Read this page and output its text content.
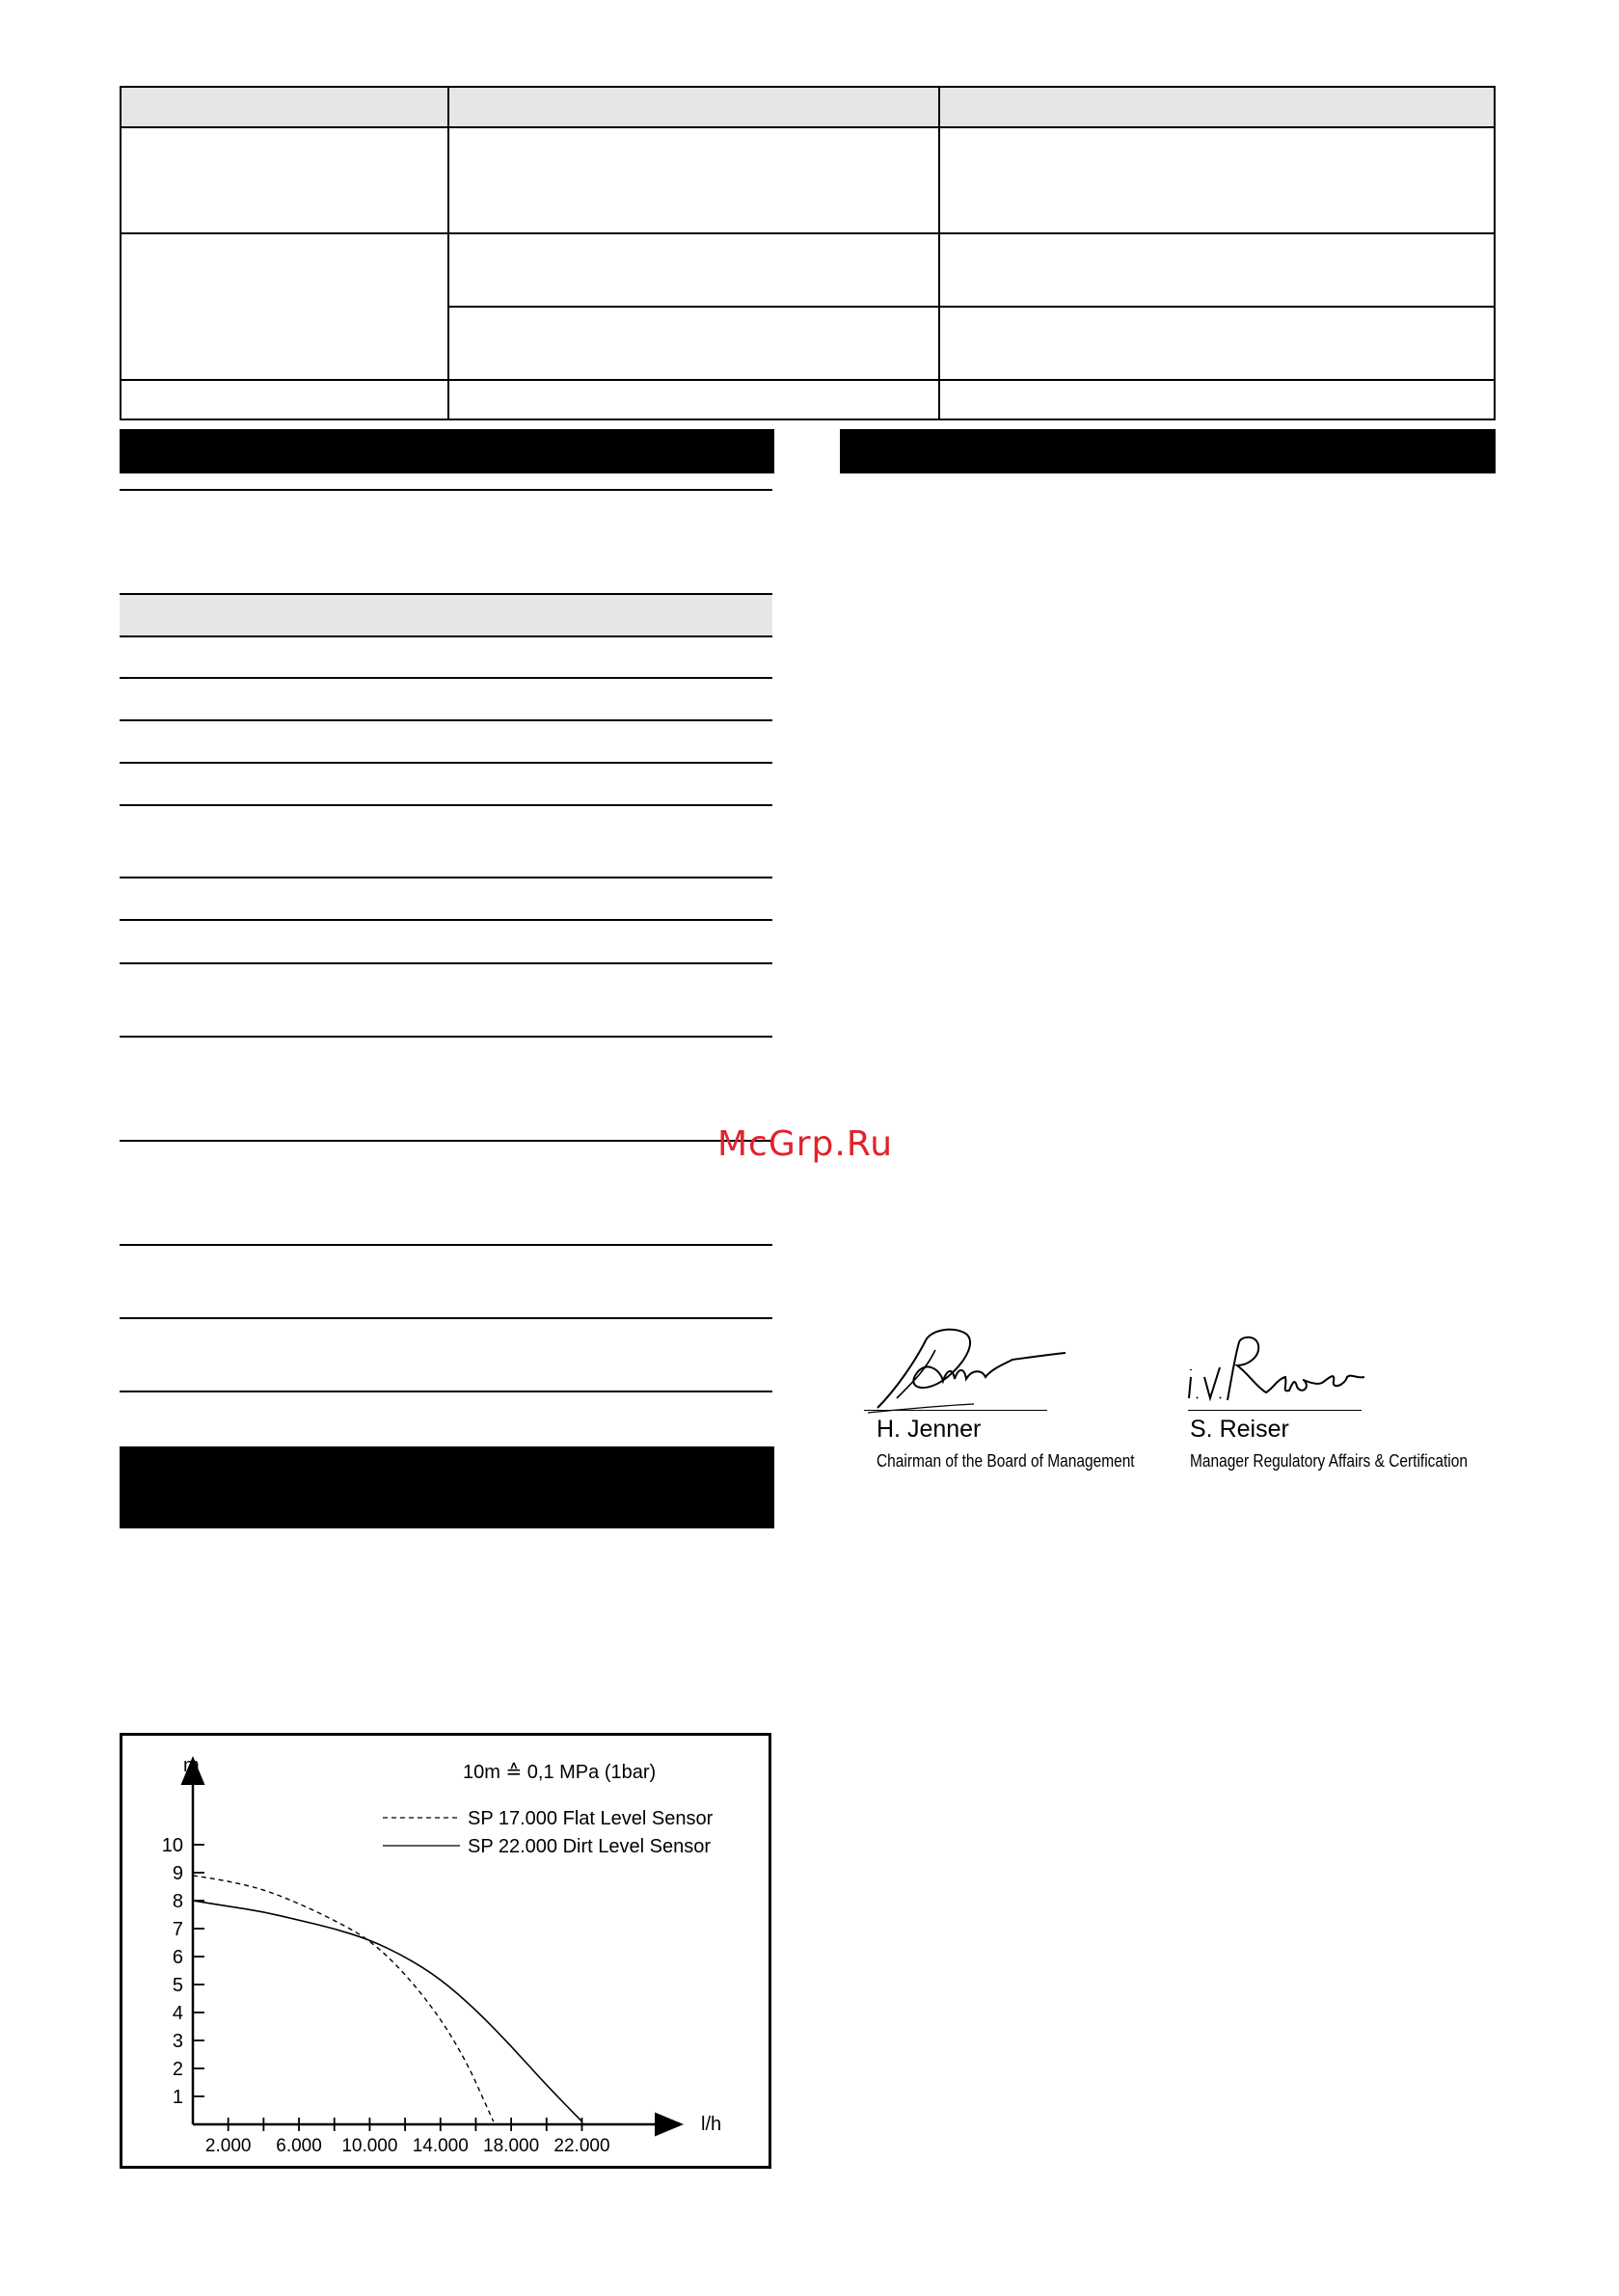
McGrp.Ru
H. Jenner
Chairman of the Board of Management
S. Reiser
Manager Regulatory Affairs & Certification
m
l/h
10m ≙ 0,1 MPa (1bar)
SP 17.000 Flat Level Sensor
SP 22.000 Dirt Level Sensor
2.000 6.000 10.000 14.000 18.000 22.000
1
2
3
4
5
6
7
8
9
10
